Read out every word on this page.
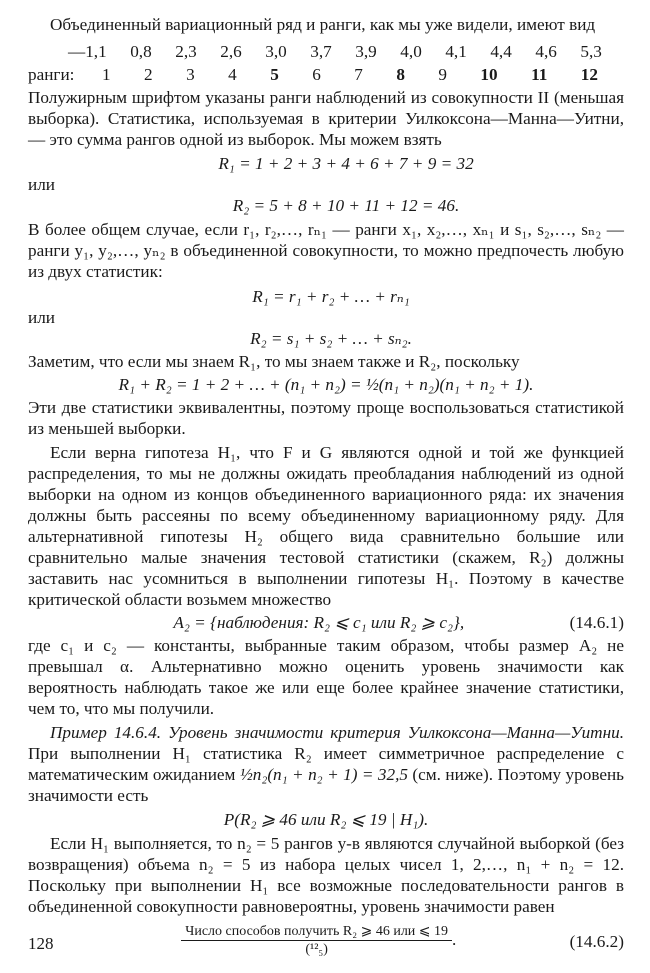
Объединенный вариационный ряд и ранги, как мы уже видели, имеют вид

—1,1 0,8 2,3 2,6 3,0 3,7 3,9 4,0 4,1 4,4 4,6 5,3
ранги:	1 2 3 4 5 6 7 8 9 10 11 12

Полужирным шрифтом указаны ранги наблюдений из совокупности II (меньшая выборка). Статистика, используемая в критерии Уилкоксона—Манна—Уитни, — это сумма рангов одной из выборок. Мы можем взять

R₁ = 1 + 2 + 3 + 4 + 6 + 7 + 9 = 32
или
R₂ = 5 + 8 + 10 + 11 + 12 = 46.

В более общем случае, если r₁, r₂,…, rₙ₁ — ранги x₁, x₂,…, xₙ₁ и s₁, s₂,…, sₙ₂ — ранги y₁, y₂,…, yₙ₂ в объединенной совокупности, то можно предпочесть любую из двух статистик:

R₁ = r₁ + r₂ + … + rₙ₁
или
R₂ = s₁ + s₂ + … + sₙ₂.

Заметим, что если мы знаем R₁, то мы знаем также и R₂, поскольку

R₁ + R₂ = 1 + 2 + … + (n₁ + n₂) = ½(n₁ + n₂)(n₁ + n₂ + 1).

Эти две статистики эквивалентны, поэтому проще воспользоваться статистикой из меньшей выборки.

Если верна гипотеза H₁, что F и G являются одной и той же функцией распределения, то мы не должны ожидать преобладания наблюдений из одной выборки на одном из концов объединенного вариационного ряда: их значения должны быть рассеяны по всему объединенному вариационному ряду. Для альтернативной гипотезы H₂ общего вида сравнительно большие или сравнительно малые значения тестовой статистики (скажем, R₂) должны заставить нас усомниться в выполнении гипотезы H₁. Поэтому в качестве критической области возьмем множество

A₂ = {наблюдения: R₂ ⩽ c₁ или R₂ ⩾ c₂},	(14.6.1)

где c₁ и c₂ — константы, выбранные таким образом, чтобы размер A₂ не превышал α. Альтернативно можно оценить уровень значимости как вероятность наблюдать такое же или еще более крайнее значение статистики, чем то, что мы получили.

Пример 14.6.4. Уровень значимости критерия Уилкоксона—Манна—Уитни. При выполнении H₁ статистика R₂ имеет симметричное распределение с математическим ожиданием ½n₂(n₁ + n₂ + 1) = 32,5 (см. ниже). Поэтому уровень значимости есть

P(R₂ ⩾ 46 или R₂ ⩽ 19 | H₁).

Если H₁ выполняется, то n₂ = 5 рангов y-в являются случайной выборкой (без возвращения) объема n₂ = 5 из набора целых чисел 1, 2,…, n₁ + n₂ = 12. Поскольку при выполнении H₁ все возможные последовательности рангов в объединенной совокупности равновероятны, уровень значимости равен

$\frac{\text{Число способов получить R₂ ⩾ 46 или ⩽ 19}}{\text{(¹²₅)}}$ .	(14.6.2)
128
